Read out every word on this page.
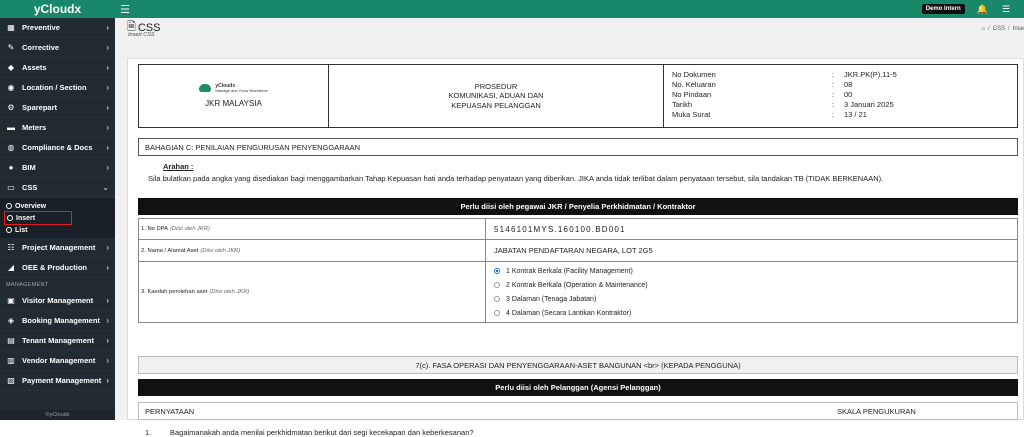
yCloudx
▦ Preventive	›
✎ Corrective	›
◆ Assets	›
◉ Location / Section	›
⚙ Sparepart	›
▬ Meters	›
◍ Compliance & Docs	›
●	BIM	›
▭ CSS	⌄
Overview
Insert
List
☷ Project Management	›
◢ OEE & Production	›
MANAGEMENT
▣ Visitor Management	›
◈ Booking Management ›
▤ Tenant Management	›
▥ Vendor Management	›
▧ Payment Management ›
©yCloudx
☰	Demo Intern	🔔 ☰
🗎 CSS
Insert CSS
⌂ / CSS / Inse
yCloudx
Manage and Grow Workforce
JKR MALAYSIA
PROSEDUR
KOMUNIKASI, ADUAN DAN
KEPUASAN PELANGGAN
No Dokumen	:	JKR.PK(P).11-5
No. Keluaran	:	08
No Pindaan	:	00
Tarikh	:	3 Januari 2025
Muka Surat	:	13 / 21
BAHAGIAN C: PENILAIAN PENGURUSAN PENYENGGARAAN
Arahan :
Sila bulatkan pada angka yang disediakan bagi menggambarkan Tahap Kepuasan hati anda terhadap penyataan yang diberikan. JIKA anda tidak terlibat dalam penyataan tersebut, sila tandakan TB (TIDAK BERKENAAN).
Perlu diisi oleh pegawai JKR / Penyelia Perkhidmatan / Kontraktor
1. No DPA (Diisi oleh JKR)	5146101MYS.160100.BD001
2. Nama / Alamat Aset (Diisi oleh JKR)	JABATAN PENDAFTARAN NEGARA, LOT 2G5
3. Kaedah perolehan aset (Diisi oleh JKR)
1 Kontrak Berkala (Facility Management)
2 Kontrak Berkala (Operation & Maintenance)
3 Dalaman (Tenaga Jabatan)
4 Dalaman (Secara Lantikan Kontraktor)
7(c). FASA OPERASI DAN PENYENGGARAAN-ASET BANGUNAN <br> (KEPADA PENGGUNA)
Perlu diisi oleh Pelanggan (Agensi Pelanggan)
PERNYATAAN	SKALA PENGUKURAN
1.	Bagaimanakah anda menilai perkhidmatan berikut dari segi kecekapan dan keberkesanan?
